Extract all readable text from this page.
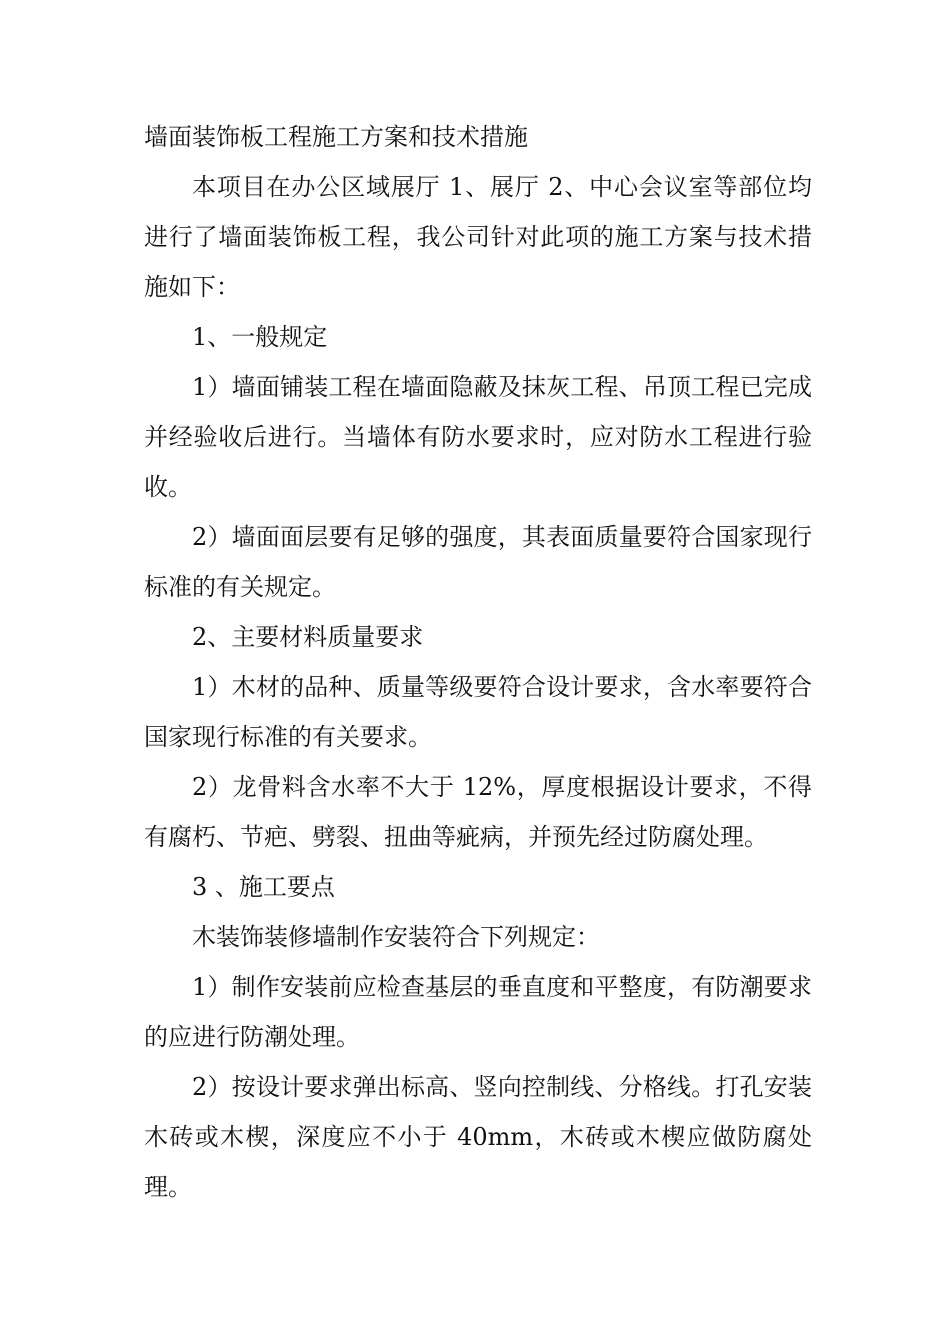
墙面装饰板工程施工方案和技术措施

本项目在办公区域展厅 1、展厅 2、中心会议室等部位均进行了墙面装饰板工程，我公司针对此项的施工方案与技术措施如下：

1、一般规定

1）墙面铺装工程在墙面隐蔽及抹灰工程、吊顶工程已完成并经验收后进行。当墙体有防水要求时，应对防水工程进行验收。

2）墙面面层要有足够的强度，其表面质量要符合国家现行标准的有关规定。

2、主要材料质量要求

1）木材的品种、质量等级要符合设计要求，含水率要符合国家现行标准的有关要求。

2）龙骨料含水率不大于 12%，厚度根据设计要求，不得有腐朽、节疤、劈裂、扭曲等疵病，并预先经过防腐处理。

3 、施工要点

木装饰装修墙制作安装符合下列规定：

1）制作安装前应检查基层的垂直度和平整度，有防潮要求的应进行防潮处理。

2）按设计要求弹出标高、竖向控制线、分格线。打孔安装木砖或木楔，深度应不小于 40mm，木砖或木楔应做防腐处理。
